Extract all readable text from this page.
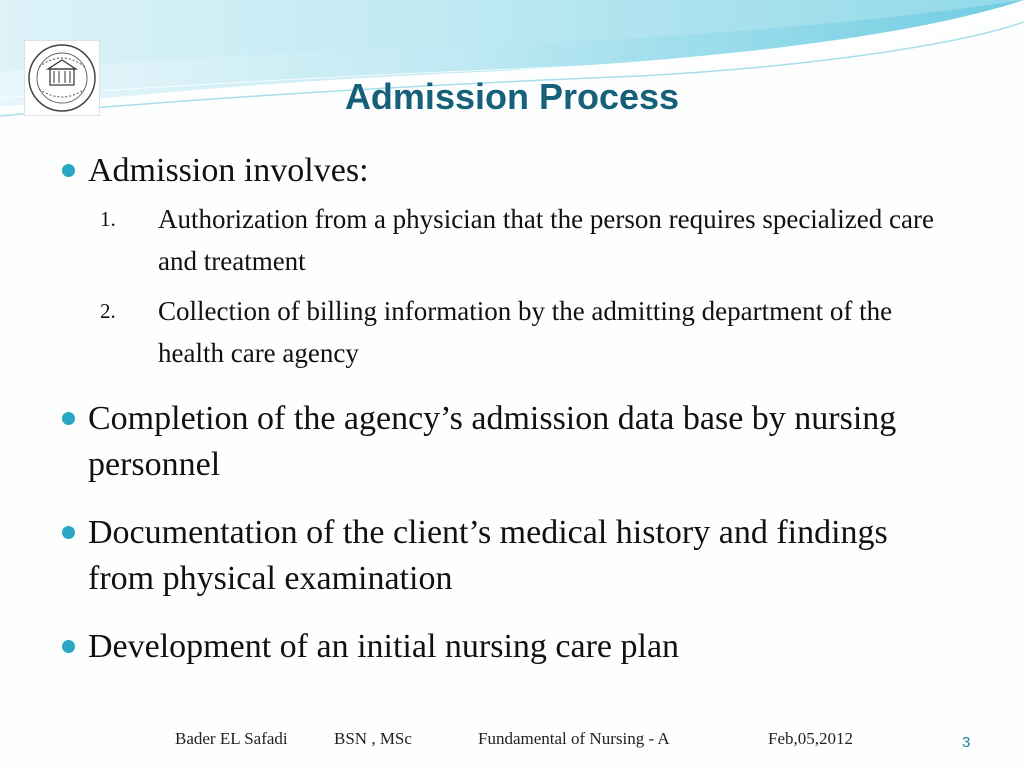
Admission Process
Admission involves:
1. Authorization from a physician that the person requires specialized care and treatment
2. Collection of billing information by the admitting department of the health care agency
Completion of the agency’s admission data base by nursing personnel
Documentation of the client’s medical history and findings from physical examination
Development of an initial nursing care plan
Bader EL Safadi	BSN , MSc	Fundamental of Nursing - A	Feb,05,2012	3
